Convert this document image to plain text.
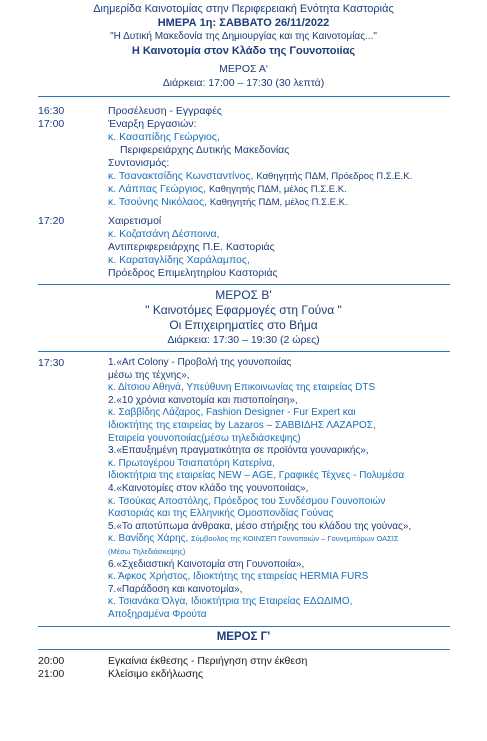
Διημερίδα Καινοτομίας στην Περιφερειακή Ενότητα Καστοριάς
ΗΜΕΡΑ 1η: ΣΑΒΒΑΤΟ 26/11/2022
"Η Δυτική Μακεδονία της Δημιουργίας και της Καινοτομίας..."
Η Καινοτομία στον Κλάδο της Γουνοποιίας
ΜΕΡΟΣ Α'
Διάρκεια: 17:00 – 17:30 (30 λεπτά)
16:30	Προσέλευση - Εγγραφές
17:00	Έναρξη Εργασιών:
κ. Κασαπίδης Γεώργιος,
Περιφερειάρχης Δυτικής Μακεδονίας
Συντονισμός:
κ. Τσανακτσίδης Κωνσταντίνος, Καθηγητής ΠΔΜ, Πρόεδρος Π.Σ.Ε.Κ.
κ. Λάππας Γεώργιος, Καθηγητής ΠΔΜ, μέλος Π.Σ.Ε.Κ.
κ. Τσούνης Νικόλαος, Καθηγητής ΠΔΜ, μέλος Π.Σ.Ε.Κ.
17:20	Χαιρετισμοί
κ. Κοζατσάνη Δέσποινα,
Αντιπεριφερειάρχης Π.Ε. Καστοριάς
κ. Καραταγλίδης Χαράλαμπος,
Πρόεδρος Επιμελητηρίου Καστοριάς
ΜΕΡΟΣ Β'
" Καινοτόμες Εφαρμογές στη Γούνα "
Οι Επιχειρηματίες στο Βήμα
Διάρκεια: 17:30 – 19:30 (2 ώρες)
17:30	1.«Art Colony - Προβολή της γουνοποιίας
μέσω της τέχνης»,
κ. Δίτσιου Αθηνά, Υπεύθυνη Επικοινωνίας της εταιρείας DTS
2.«10 χρόνια καινοτομία και πιστοποίηση»,
κ. Σαββίδης Λάζαρος, Fashion Designer - Fur Expert και
Ιδιοκτήτης της εταιρείας by Lazaros – ΣΑΒΒΙΔΗΣ ΛΑΖΑΡΟΣ,
Εταιρεία γουνοποιίας(μέσω τηλεδιάσκεψης)
3.«Επαυξημένη πραγματικότητα σε προϊόντα γουναρικής»,
κ. Πρωτογέρου Τσιαπατόρη Κατερίνα,
Ιδιοκτήτρια της εταιρείας NEW – AGE, Γραφικές Τέχνες - Πολυμέσα
4.«Καινοτομίες στον κλάδο της γουνοποιίας»,
κ. Τσούκας Αποστόλης, Πρόεδρος του Συνδέσμου Γουνοποιών
Καστοριάς και της Ελληνικής Ομοσπονδίας Γούνας
5.«Το αποτύπωμα άνθρακα, μέσο στήριξης του κλάδου της γούνας»,
κ. Βανίδης Χάρης, Σύμβουλος της ΚΟΙΝΣΕΠ Γουνοποιών – Γουνεμπόρων ΟΑΣΙΣ
(Μέσω Τηλεδιάσκεψης)
6.«Σχεδιαστική Καινοτομία στη Γουνοποιία»,
κ. Άφκος Χρήστος, Ιδιοκτήτης της εταιρείας HERMIA FURS
7.«Παράδοση και καινοτομία»,
κ. Τσιανάκα Όλγα, Ιδιοκτήτρια της Εταιρείας ΕΔΩΔΙΜΟ,
Αποξηραμένα Φρούτα
ΜΕΡΟΣ Γ'
20:00	Εγκαίνια έκθεσης - Περιήγηση στην έκθεση
21:00	Κλείσιμο εκδήλωσης
